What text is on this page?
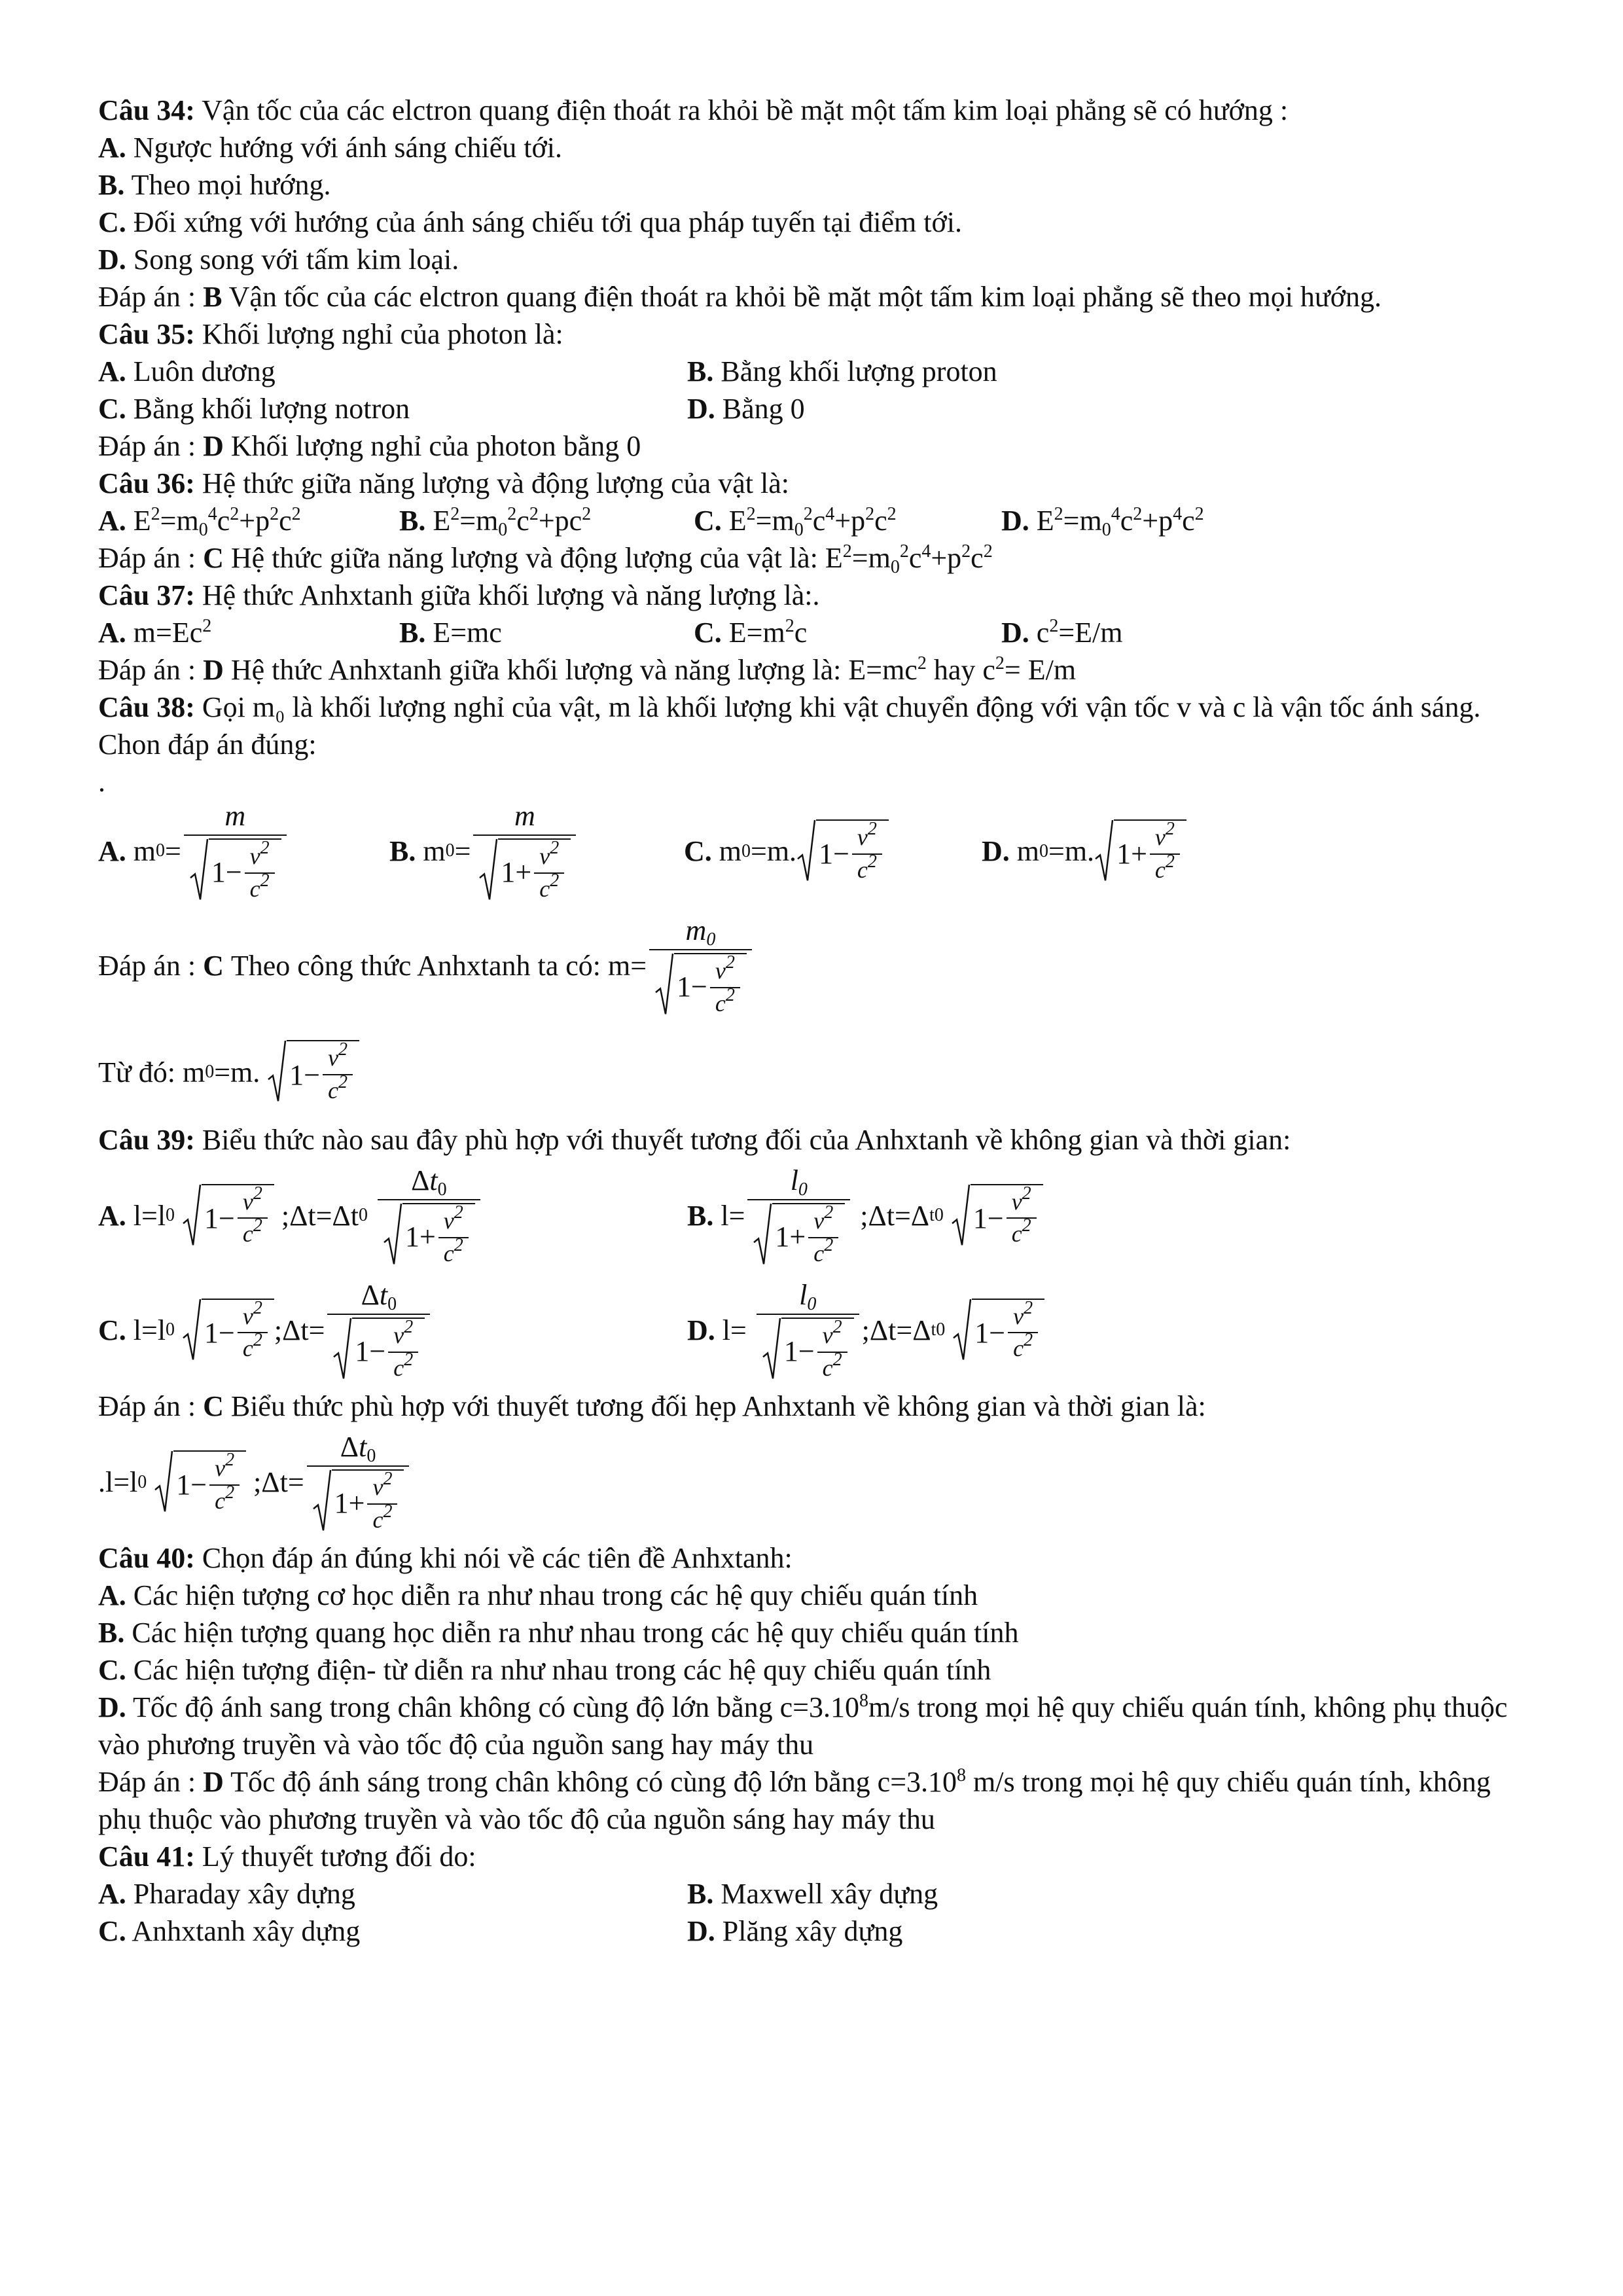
Câu 34: Vận tốc của các elctron quang điện thoát ra khỏi bề mặt một tấm kim loại phẳng sẽ có hướng :
A. Ngược hướng với ánh sáng chiếu tới.
B. Theo mọi hướng.
C. Đối xứng với hướng của ánh sáng chiếu tới qua pháp tuyến tại điểm tới.
D. Song song với tấm kim loại.
Đáp án : B Vận tốc của các elctron quang điện thoát ra khỏi bề mặt một tấm kim loại phẳng sẽ theo mọi hướng.
Câu 35: Khối lượng nghỉ của photon là:
A. Luôn dương	B. Bằng khối lượng proton
C. Bằng khối lượng notron	D. Bằng 0
Đáp án : D Khối lượng nghỉ của photon bằng 0
Câu 36: Hệ thức giữa năng lượng và động lượng của vật là:
A. $E^2=m_0^4c^2+p^2c^2$	B. $E^2=m_0^2c^2+pc^2$	C. $E^2=m_0^2c^4+p^2c^2$	D. $E^2=m_0^4c^2+p^4c^2$
Đáp án : C Hệ thức giữa năng lượng và động lượng của vật là: $E^2=m_0^2c^4+p^2c^2$
Câu 37: Hệ thức Anhxtanh giữa khối lượng và năng lượng là:.
A. $m=Ec^2$	B. E=mc	C. $E=m^2c$	D. $c^2=E/m$
Đáp án : D Hệ thức Anhxtanh giữa khối lượng và năng lượng là: $E=mc^2$ hay $c^2= E/m$
Câu 38: Gọi m₀ là khối lượng nghỉ của vật, m là khối lượng khi vật chuyển động với vận tốc v và c là vận tốc ánh sáng. Chon đáp án đúng:
.
A. m $0 = \frac{m}{1- \frac{v^2}{c^2}}$	B. m $0 = \frac{m}{1+ \frac{v^2}{c^2}}$	C. m 0 =m. $1- \frac{v^2}{c^2}$	D. m 0 =m. $1+ \frac{v^2}{c^2}$
Đáp án :
C
Theo công thức Anhxtanh ta có: $m= \frac{m_0}{1- \frac{v^2}{c^2}}$
Từ đó: m 0 =m. $1- \frac{v^2}{c^2}$
Câu 39: Biểu thức nào sau đây phù hợp với thuyết tương đối của Anhxtanh về không gian và thời gian:
A. l=l 0
$1- \frac{v^2}{c^2}$ ;Δt=Δt 0
$\frac{\Delta t_0}{1+ \frac{v^2}{c^2}}$	B. $l= \frac{l_0}{1+ \frac{v^2}{c^2}}$ ;Δt=Δ t0
$1- \frac{v^2}{c^2}$
C. l=l 0
$1- \frac{v^2}{c^2}$ ;Δt= $\frac{\Delta t_0}{1- \frac{v^2}{c^2}}$	D. $l= \frac{l_0}{1- \frac{v^2}{c^2}}$ ;Δt=Δ t0
$1- \frac{v^2}{c^2}$
Đáp án : C Biểu thức phù hợp với thuyết tương đối hẹp Anhxtanh về không gian và thời gian là:
.l=l 0
$1- \frac{v^2}{c^2}$ ;Δt= $\frac{\Delta t_0}{1+ \frac{v^2}{c^2}}$
Câu 40: Chọn đáp án đúng khi nói về các tiên đề Anhxtanh:
A. Các hiện tượng cơ học diễn ra như nhau trong các hệ quy chiếu quán tính
B. Các hiện tượng quang học diễn ra như nhau trong các hệ quy chiếu quán tính
C. Các hiện tượng điện- từ diễn ra như nhau trong các hệ quy chiếu quán tính
D. Tốc độ ánh sang trong chân không có cùng độ lớn bằng $c=3.10^8m/s$ trong mọi hệ quy chiếu quán tính, không phụ thuộc vào phương truyền và vào tốc độ của nguồn sang hay máy thu
Đáp án : D Tốc độ ánh sáng trong chân không có cùng độ lớn bằng $c=3.10^8$ m/s trong mọi hệ quy chiếu quán tính, không phụ thuộc vào phương truyền và vào tốc độ của nguồn sáng hay máy thu
Câu 41: Lý thuyết tương đối do:
A. Pharaday xây dựng	B. Maxwell xây dựng
C. Anhxtanh xây dựng	D. Plăng xây dựng
